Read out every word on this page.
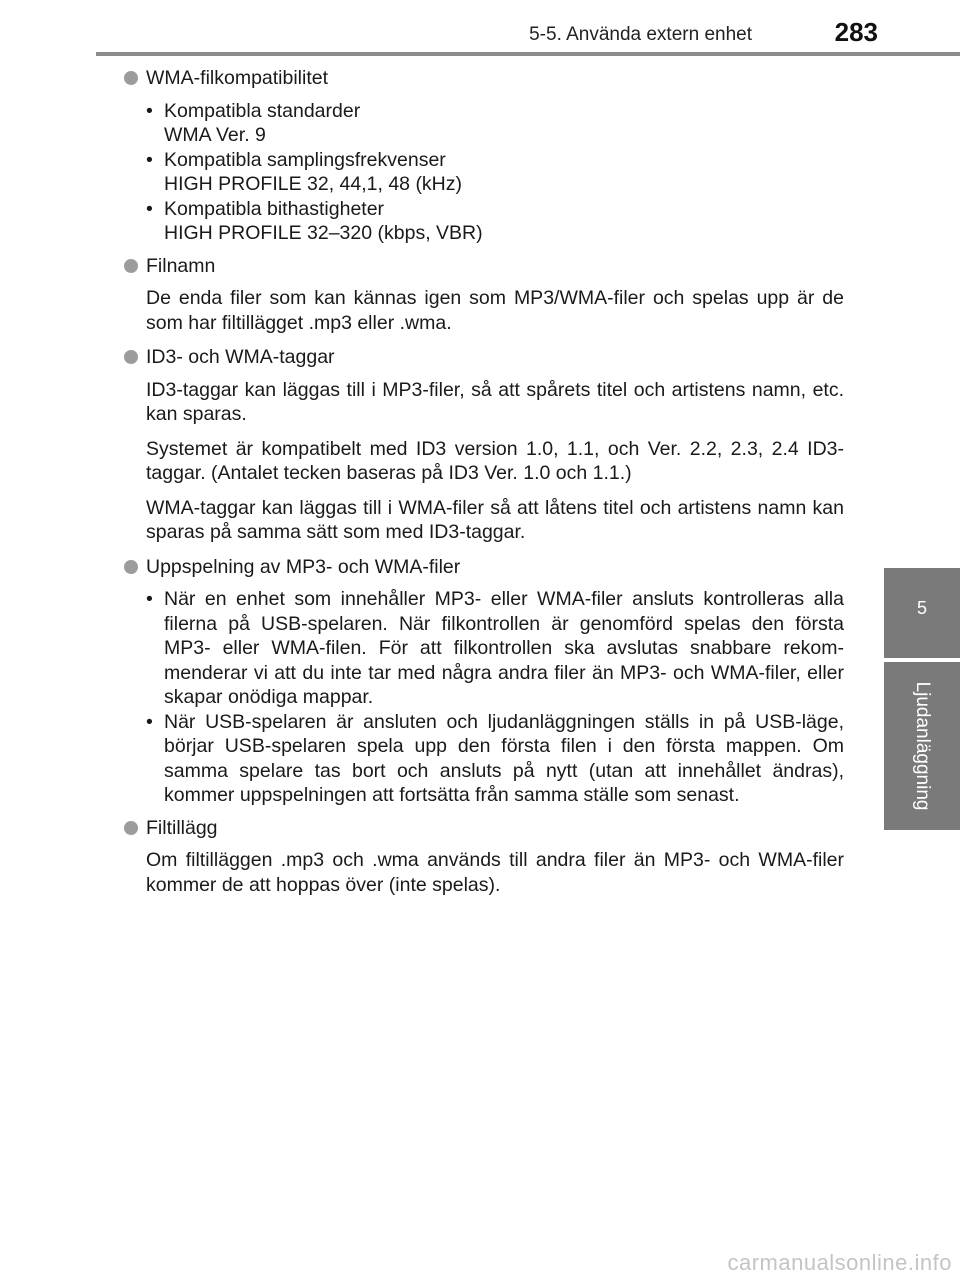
5-5. Använda extern enhet	283
5
Ljudanläggning
WMA-filkompatibilitet
• Kompatibla standarder
WMA Ver. 9
• Kompatibla samplingsfrekvenser
HIGH PROFILE 32, 44,1, 48 (kHz)
• Kompatibla bithastigheter
HIGH PROFILE 32–320 (kbps, VBR)
Filnamn

De enda filer som kan kännas igen som MP3/WMA-filer och spelas upp är de som har filtillägget .mp3 eller .wma.

ID3- och WMA-taggar

ID3-taggar kan läggas till i MP3-filer, så att spårets titel och artistens namn, etc. kan sparas.

Systemet är kompatibelt med ID3 version 1.0, 1.1, och Ver. 2.2, 2.3, 2.4 ID3-taggar. (Antalet tecken baseras på ID3 Ver. 1.0 och 1.1.)

WMA-taggar kan läggas till i WMA-filer så att låtens titel och artistens namn kan sparas på samma sätt som med ID3-taggar.

Uppspelning av MP3- och WMA-filer
• När en enhet som innehåller MP3- eller WMA-filer ansluts kontrolleras alla filerna på USB-spelaren. När filkontrollen är genomförd spelas den första MP3- eller WMA-filen. För att filkontrollen ska avslutas snabbare rekom-menderar vi att du inte tar med några andra filer än MP3- och WMA-filer, eller skapar onödiga mappar.
• När USB-spelaren är ansluten och ljudanläggningen ställs in på USB-läge, börjar USB-spelaren spela upp den första filen i den första mappen. Om samma spelare tas bort och ansluts på nytt (utan att innehållet ändras), kommer uppspelningen att fortsätta från samma ställe som senast.
Filtillägg

Om filtilläggen .mp3 och .wma används till andra filer än MP3- och WMA-filer kommer de att hoppas över (inte spelas).

carmanualsonline.info
